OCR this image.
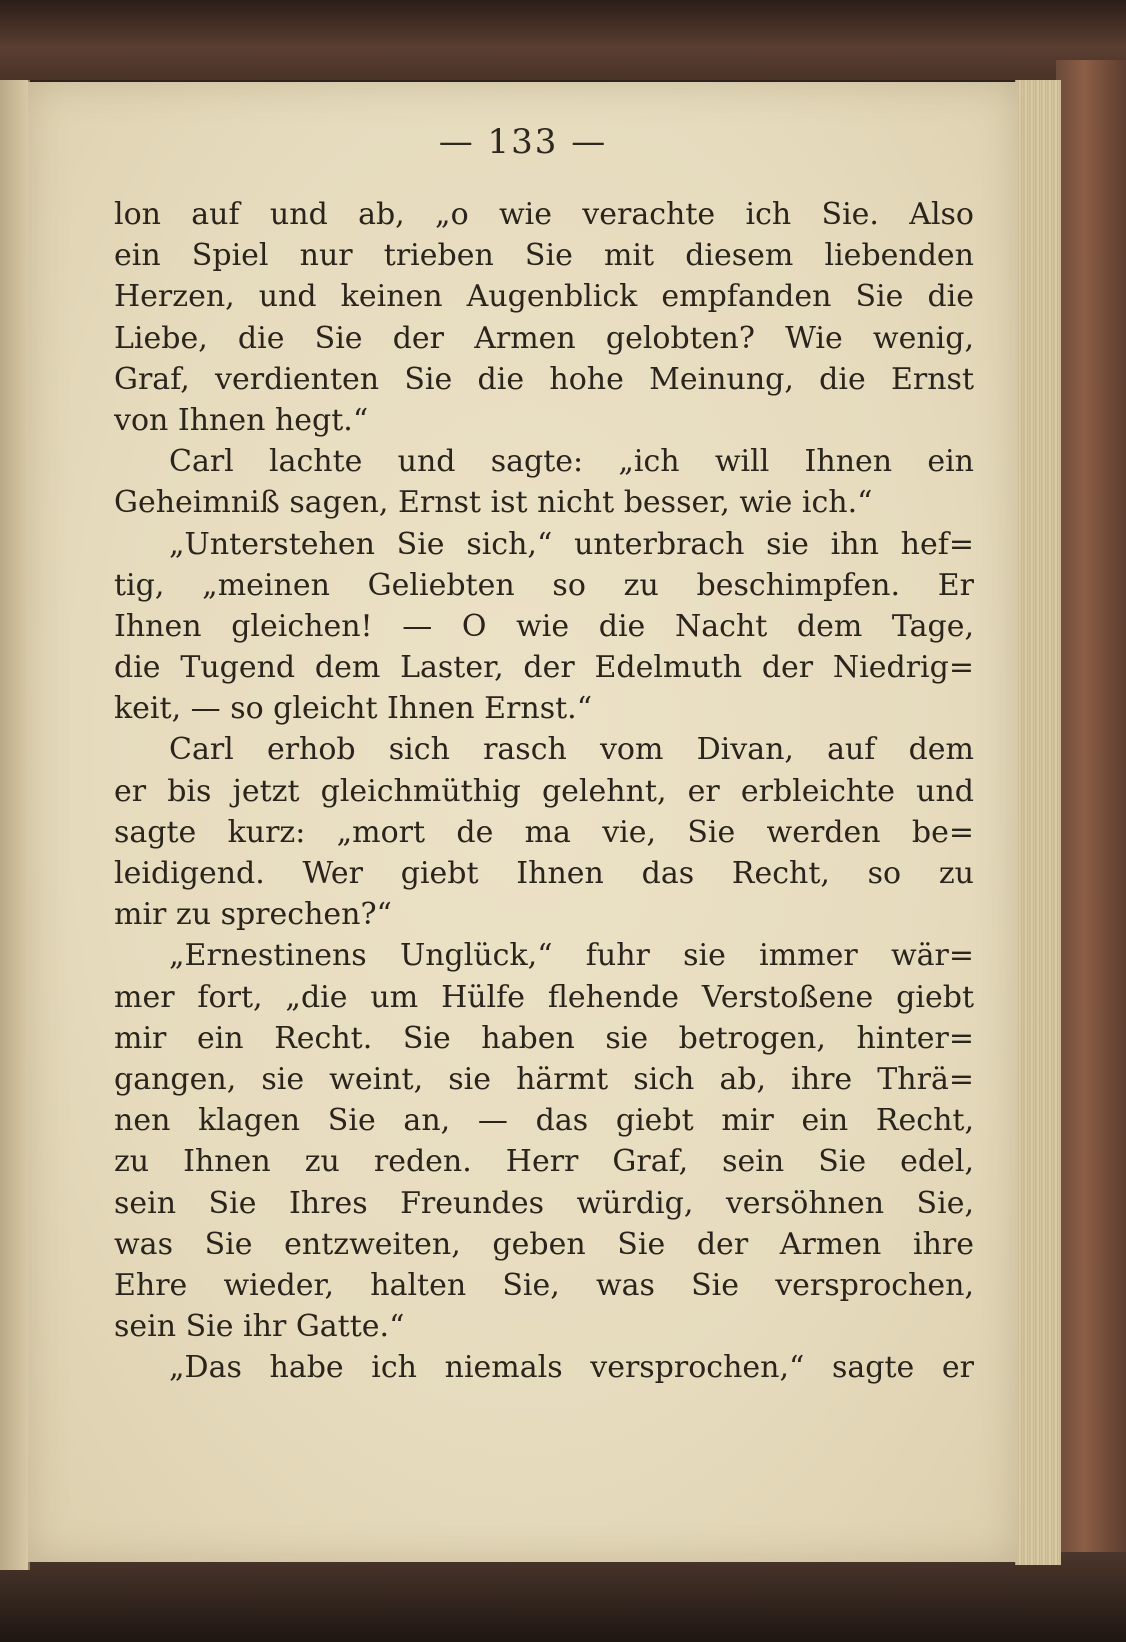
— 133 —
lon auf und ab, „o wie verachte ich Sie. Also
ein Spiel nur trieben Sie mit diesem liebenden
Herzen, und keinen Augenblick empfanden Sie die
Liebe, die Sie der Armen gelobten? Wie wenig,
Graf, verdienten Sie die hohe Meinung, die Ernst
von Ihnen hegt.“
Carl lachte und sagte: „ich will Ihnen ein
Geheimniß sagen, Ernst ist nicht besser, wie ich.“
„Unterstehen Sie sich,“ unterbrach sie ihn hef=
tig, „meinen Geliebten so zu beschimpfen. Er
Ihnen gleichen! — O wie die Nacht dem Tage,
die Tugend dem Laster, der Edelmuth der Niedrig=
keit, — so gleicht Ihnen Ernst.“
Carl erhob sich rasch vom Divan, auf dem
er bis jetzt gleichmüthig gelehnt, er erbleichte und
sagte kurz: „mort de ma vie, Sie werden be=
leidigend. Wer giebt Ihnen das Recht, so zu
mir zu sprechen?“
„Ernestinens Unglück,“ fuhr sie immer wär=
mer fort, „die um Hülfe flehende Verstoßene giebt
mir ein Recht. Sie haben sie betrogen, hinter=
gangen, sie weint, sie härmt sich ab, ihre Thrä=
nen klagen Sie an, — das giebt mir ein Recht,
zu Ihnen zu reden. Herr Graf, sein Sie edel,
sein Sie Ihres Freundes würdig, versöhnen Sie,
was Sie entzweiten, geben Sie der Armen ihre
Ehre wieder, halten Sie, was Sie versprochen,
sein Sie ihr Gatte.“
„Das habe ich niemals versprochen,“ sagte er
